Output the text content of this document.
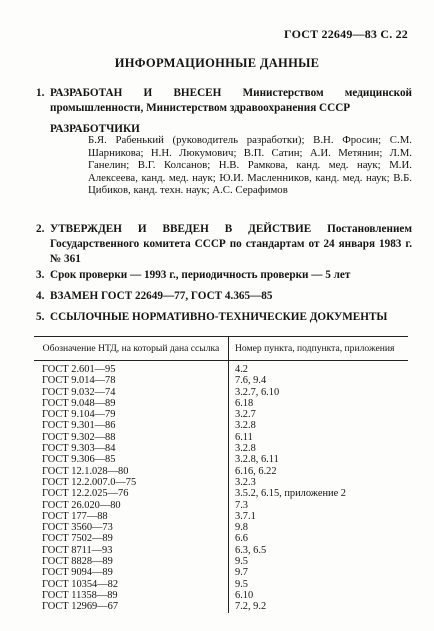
ГОСТ 22649—83 С. 22
ИНФОРМАЦИОННЫЕ ДАННЫЕ
1. РАЗРАБОТАН И ВНЕСЕН Министерством медицинской промышленности, Министерством здравоохранения СССР
РАЗРАБОТЧИКИ
Б.Я. Рабенький (руководитель разработки); В.Н. Фросин; С.М. Шарникова; Н.Н. Люкумович; В.П. Сатин; А.И. Метянин; Л.М. Ганелин; В.Г. Колсанов; Н.В. Рамкова, канд. мед. наук; М.И. Алексеева, канд. мед. наук; Ю.И. Масленников, канд. мед. наук; В.Б. Цибиков, канд. техн. наук; А.С. Серафимов
2. УТВЕРЖДЕН И ВВЕДЕН В ДЕЙСТВИЕ Постановлением Государственного комитета СССР по стандартам от 24 января 1983 г. № 361
3. Срок проверки — 1993 г., периодичность проверки — 5 лет
4. ВЗАМЕН ГОСТ 22649—77, ГОСТ 4.365—85
5. ССЫЛОЧНЫЕ НОРМАТИВНО-ТЕХНИЧЕСКИЕ ДОКУМЕНТЫ
Обозначение НТД, на который дана ссылка	Номер пункта, подпункта, приложения
ГОСТ 2.601—95	4.2
ГОСТ 9.014—78	7.6, 9.4
ГОСТ 9.032—74	3.2.7, 6.10
ГОСТ 9.048—89	6.18
ГОСТ 9.104—79	3.2.7
ГОСТ 9.301—86	3.2.8
ГОСТ 9.302—88	6.11
ГОСТ 9.303—84	3.2.8
ГОСТ 9.306—85	3.2.8, 6.11
ГОСТ 12.1.028—80	6.16, 6.22
ГОСТ 12.2.007.0—75	3.2.3
ГОСТ 12.2.025—76	3.5.2, 6.15, приложение 2
ГОСТ 26.020—80	7.3
ГОСТ 177—88	3.7.1
ГОСТ 3560—73	9.8
ГОСТ 7502—89	6.6
ГОСТ 8711—93	6.3, 6.5
ГОСТ 8828—89	9.5
ГОСТ 9094—89	9.7
ГОСТ 10354—82	9.5
ГОСТ 11358—89	6.10
ГОСТ 12969—67	7.2, 9.2
